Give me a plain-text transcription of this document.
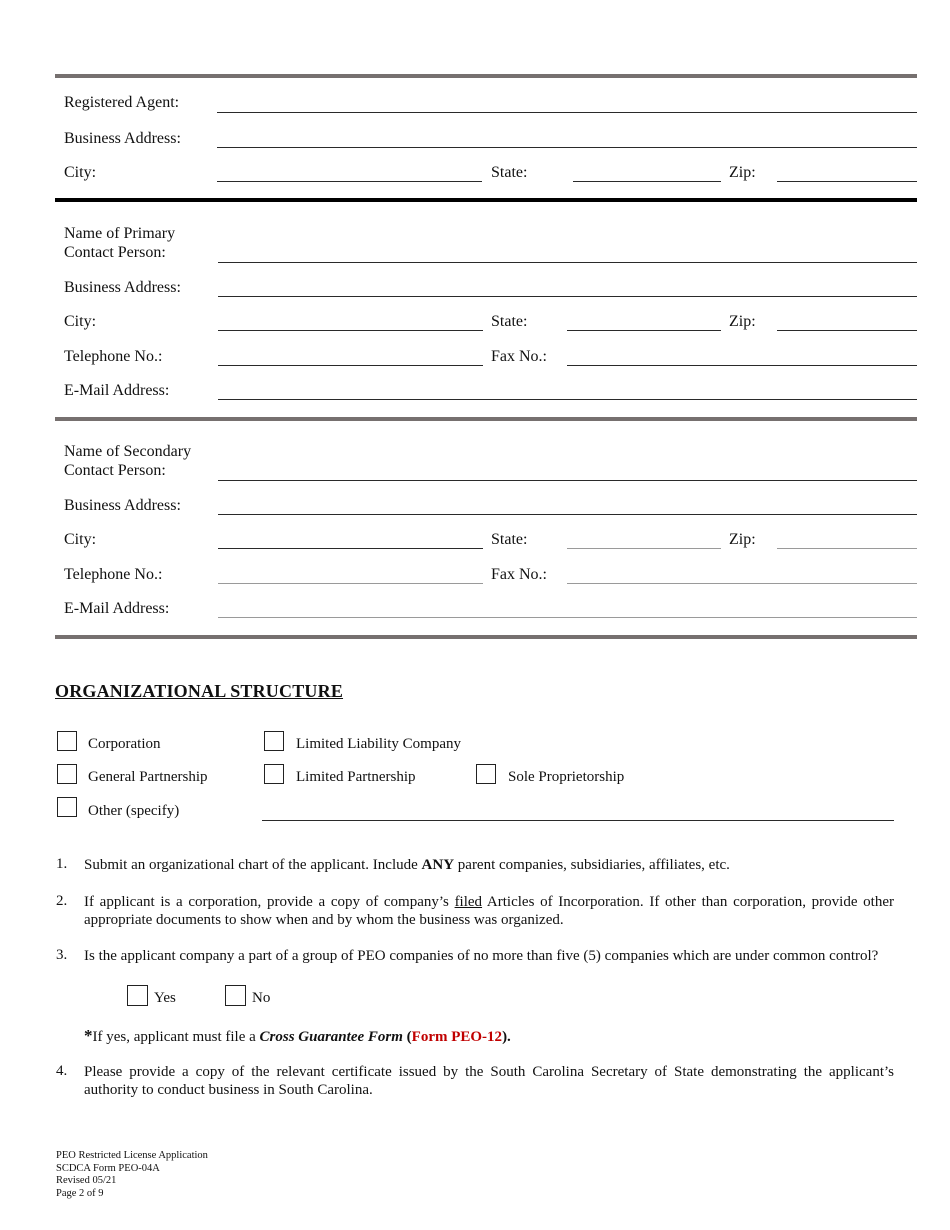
Registered Agent:
Business Address:
City:	State:	Zip:
Name of Primary
Contact Person:
Business Address:
City:	State:	Zip:
Telephone No.:	Fax No.:
E-Mail Address:
Name of Secondary
Contact Person:
Business Address:
City:	State:	Zip:
Telephone No.:	Fax No.:
E-Mail Address:
ORGANIZATIONAL STRUCTURE
Corporation	Limited Liability Company
General Partnership	Limited Partnership	Sole Proprietorship
Other (specify)
1. Submit an organizational chart of the applicant. Include ANY parent companies, subsidiaries, affiliates, etc.
2. If applicant is a corporation, provide a copy of company’s filed Articles of Incorporation. If other than corporation, provide other appropriate documents to show when and by whom the business was organized.
3. Is the applicant company a part of a group of PEO companies of no more than five (5) companies which are under common control?
Yes	No
*If yes, applicant must file a Cross Guarantee Form (Form PEO-12).
4. Please provide a copy of the relevant certificate issued by the South Carolina Secretary of State demonstrating the applicant’s authority to conduct business in South Carolina.
PEO Restricted License Application
SCDCA Form PEO-04A
Revised 05/21
Page 2 of 9
